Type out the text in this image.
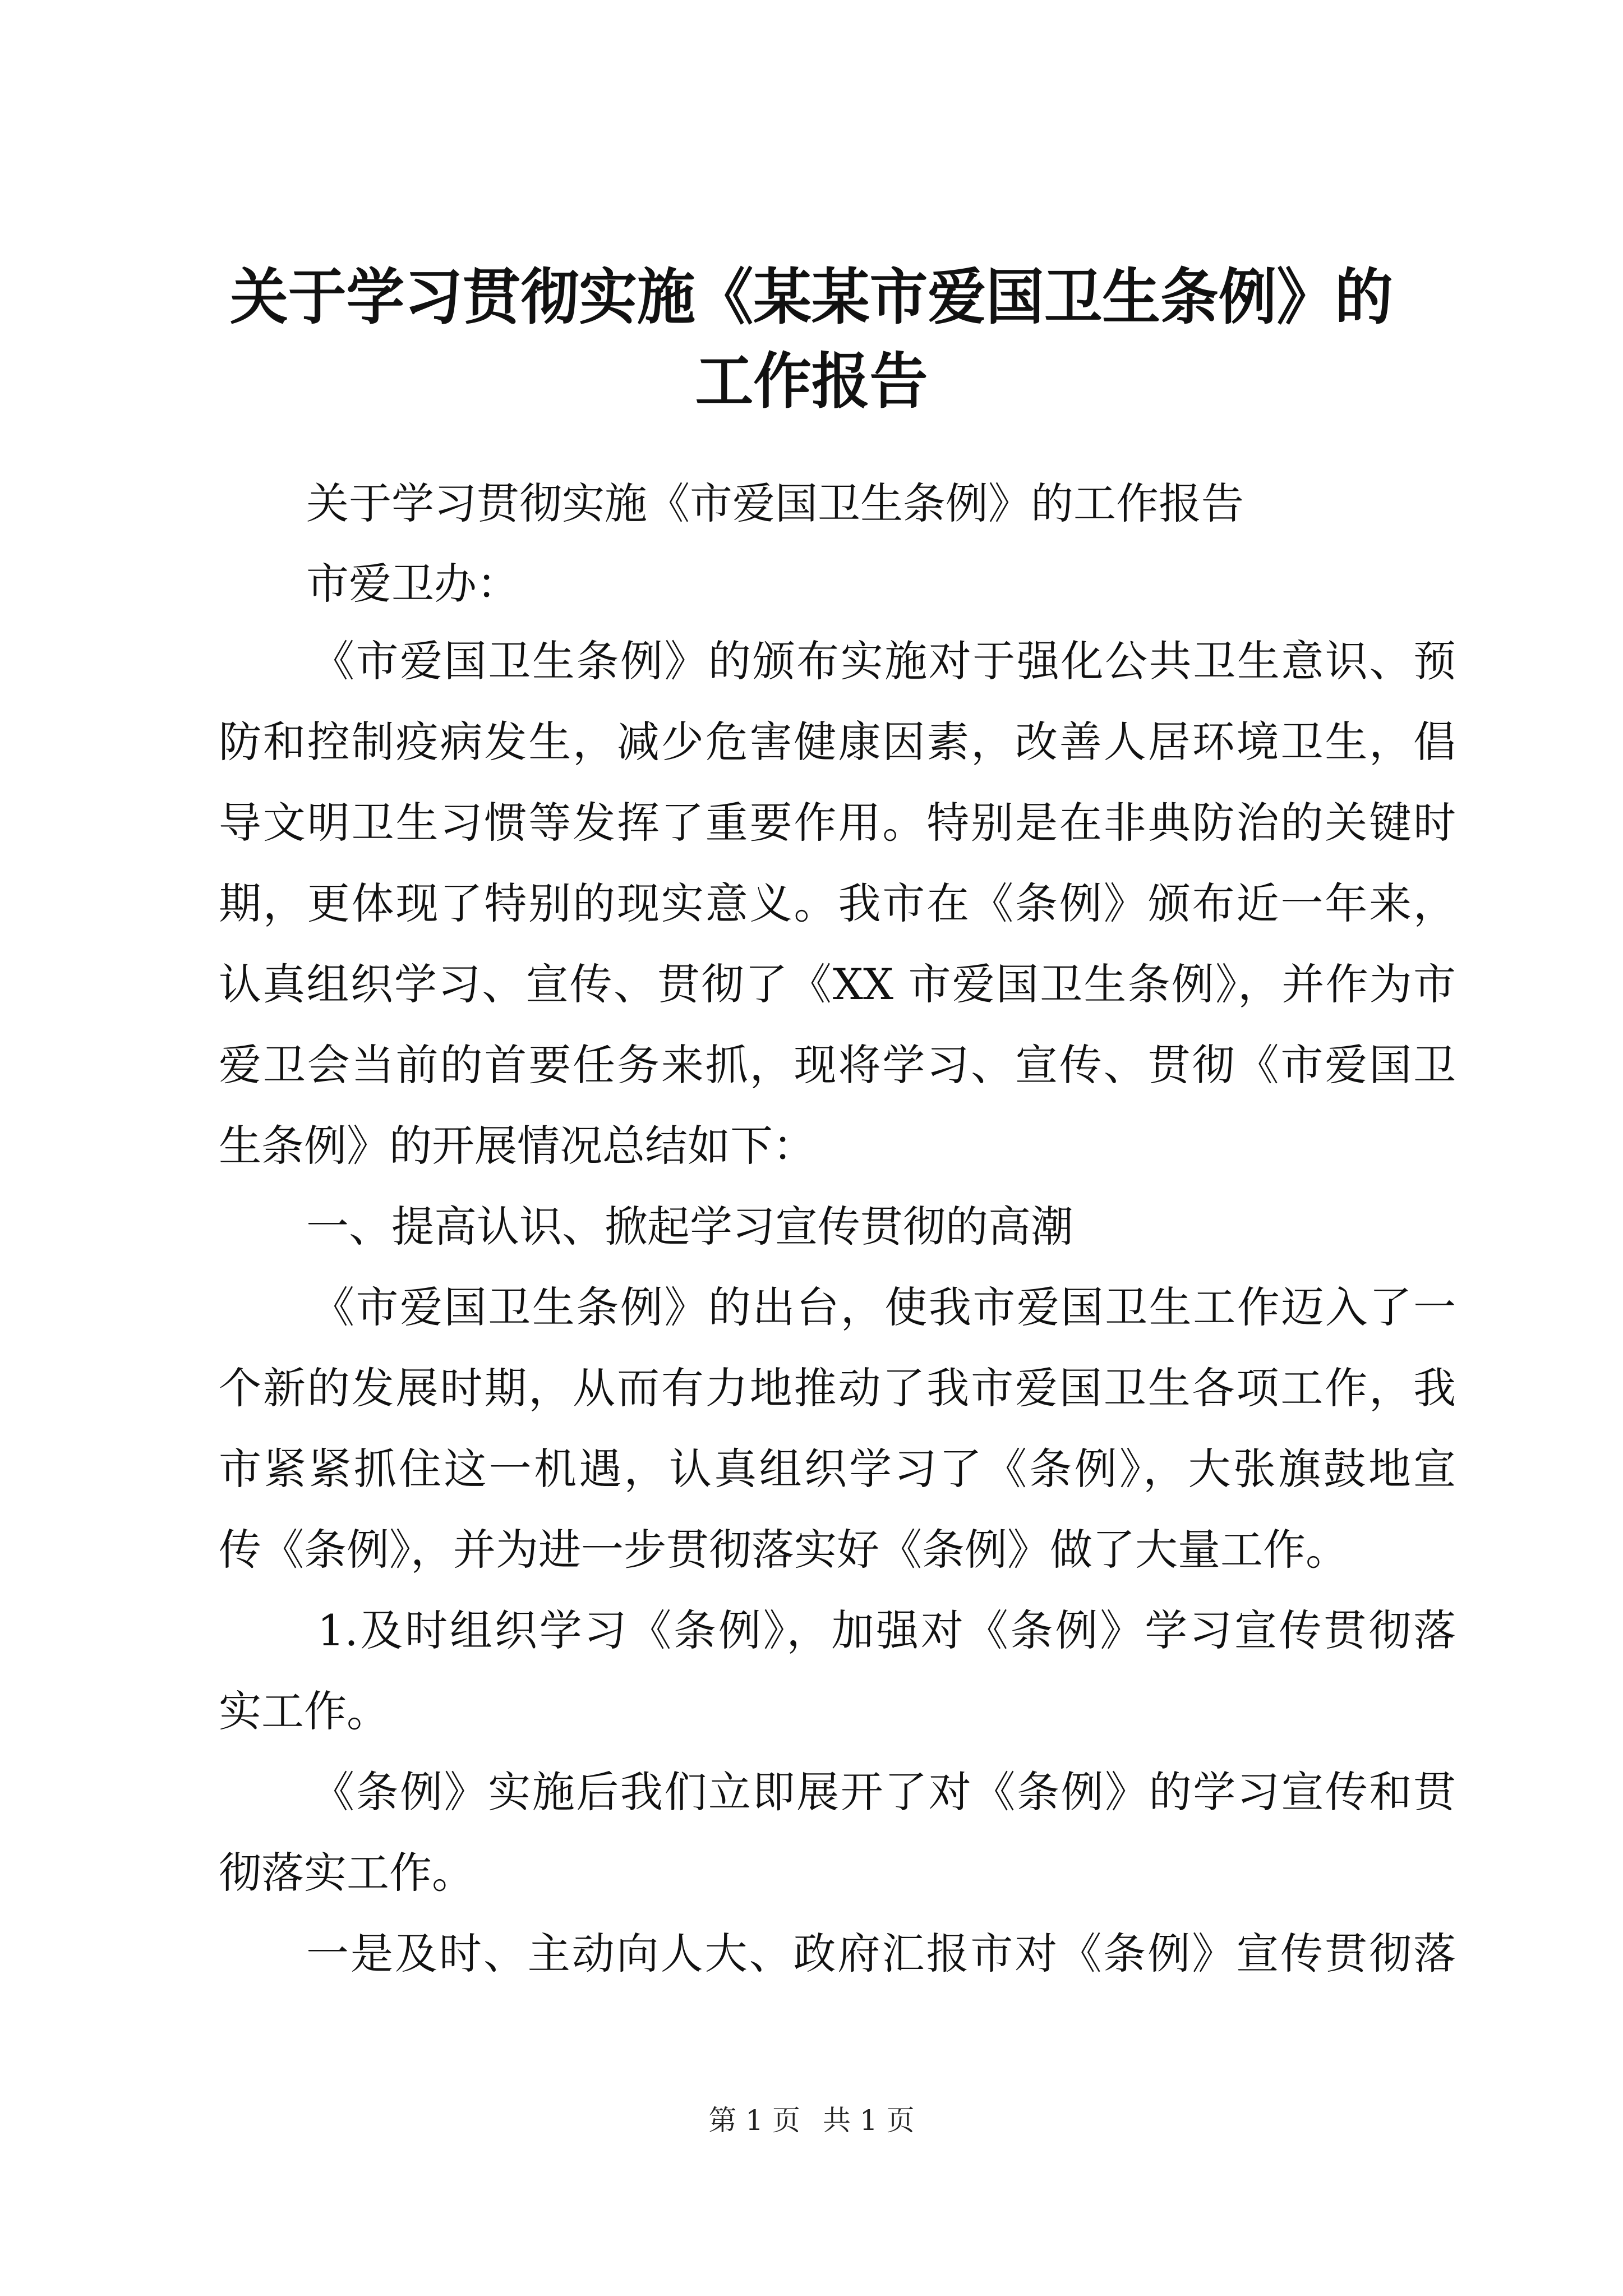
关于学习贯彻实施《某某市爱国卫生条例》的
工作报告

关于学习贯彻实施《市爱国卫生条例》的工作报告

市爱卫办：

《市爱国卫生条例》的颁布实施对于强化公共卫生意识、预

防和控制疫病发生，减少危害健康因素，改善人居环境卫生，倡

导文明卫生习惯等发挥了重要作用。特别是在非典防治的关键时

期，更体现了特别的现实意义。我市在《条例》颁布近一年来，

认真组织学习、宣传、贯彻了《XX 市爱国卫生条例》，并作为市

爱卫会当前的首要任务来抓，现将学习、宣传、贯彻《市爱国卫

生条例》的开展情况总结如下：

一、提高认识、掀起学习宣传贯彻的高潮

《市爱国卫生条例》的出台，使我市爱国卫生工作迈入了一

个新的发展时期，从而有力地推动了我市爱国卫生各项工作，我

市紧紧抓住这一机遇，认真组织学习了《条例》，大张旗鼓地宣

传《条例》，并为进一步贯彻落实好《条例》做了大量工作。

1.及时组织学习《条例》，加强对《条例》学习宣传贯彻落

实工作。

《条例》实施后我们立即展开了对《条例》的学习宣传和贯

彻落实工作。

一是及时、主动向人大、政府汇报市对《条例》宣传贯彻落

第 1 页 共 1 页
